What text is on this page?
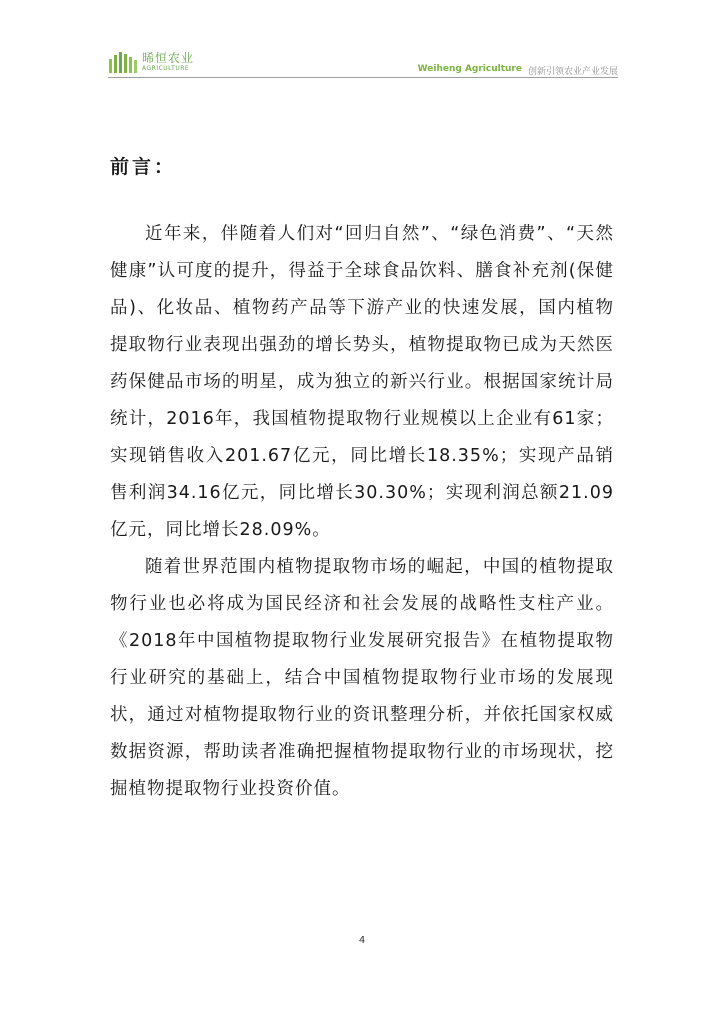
晞恒农业
AGRICULTURE	Weiheng Agriculture 创新引领农业产业发展
前言：

近年来，伴随着人们对“回归自然”、“绿色消费”、“天然健康”认可度的提升，得益于全球食品饮料、膳食补充剂(保健品)、化妆品、植物药产品等下游产业的快速发展，国内植物提取物行业表现出强劲的增长势头，植物提取物已成为天然医药保健品市场的明星，成为独立的新兴行业。根据国家统计局统计，2016年，我国植物提取物行业规模以上企业有61家；实现销售收入201.67亿元，同比增长18.35%；实现产品销售利润34.16亿元，同比增长30.30%；实现利润总额21.09亿元，同比增长28.09%。

随着世界范围内植物提取物市场的崛起，中国的植物提取物行业也必将成为国民经济和社会发展的战略性支柱产业。《2018年中国植物提取物行业发展研究报告》在植物提取物行业研究的基础上，结合中国植物提取物行业市场的发展现状，通过对植物提取物行业的资讯整理分析，并依托国家权威数据资源，帮助读者准确把握植物提取物行业的市场现状，挖掘植物提取物行业投资价值。

4
